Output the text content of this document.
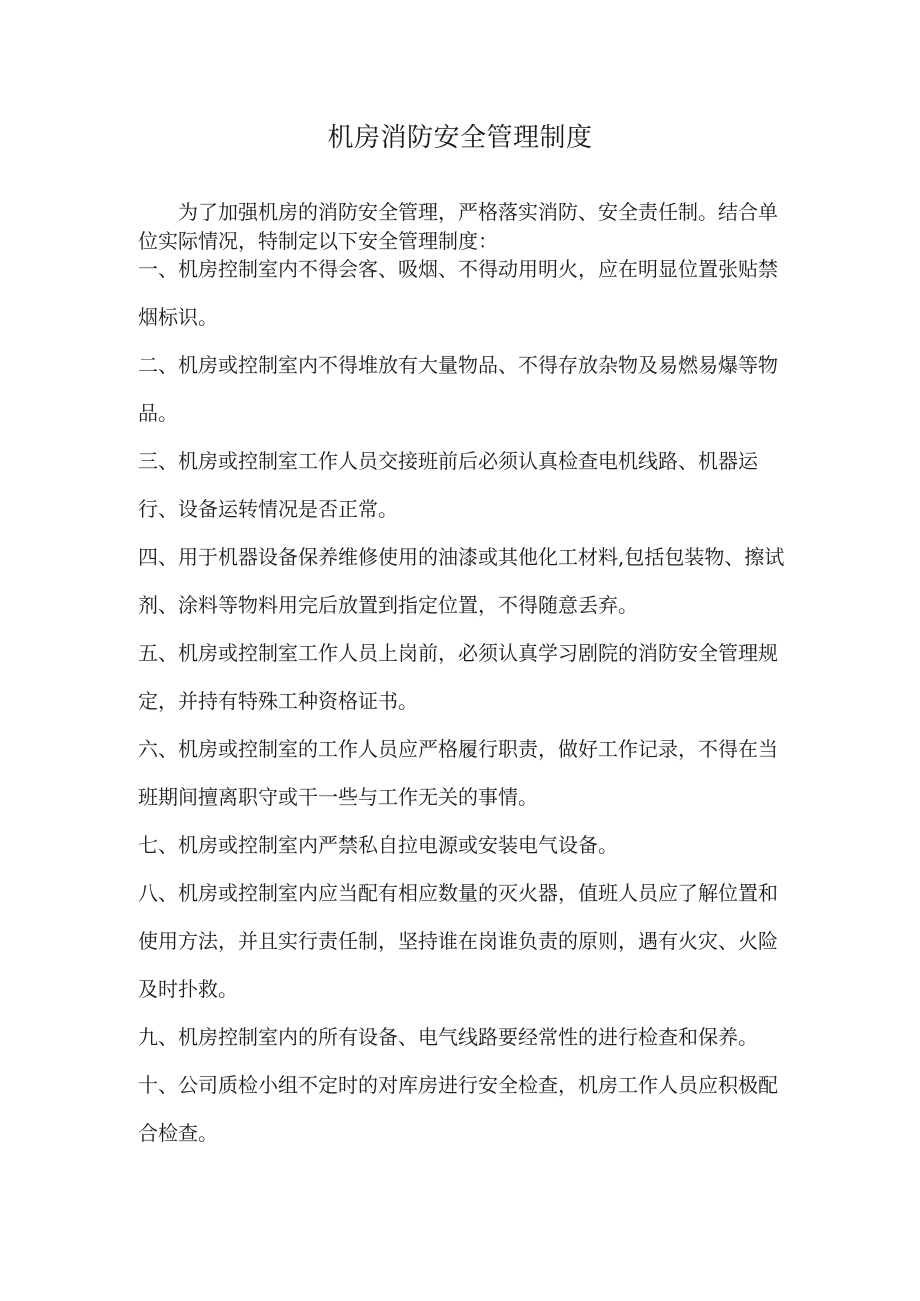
机房消防安全管理制度

为了加强机房的消防安全管理，严格落实消防、安全责任制。结合单位实际情况，特制定以下安全管理制度：

一、机房控制室内不得会客、吸烟、不得动用明火，应在明显位置张贴禁烟标识。
二、机房或控制室内不得堆放有大量物品、不得存放杂物及易燃易爆等物品。
三、机房或控制室工作人员交接班前后必须认真检查电机线路、机器运行、设备运转情况是否正常。
四、用于机器设备保养维修使用的油漆或其他化工材料,包括包装物、擦试剂、涂料等物料用完后放置到指定位置，不得随意丢弃。
五、机房或控制室工作人员上岗前，必须认真学习剧院的消防安全管理规定，并持有特殊工种资格证书。
六、机房或控制室的工作人员应严格履行职责，做好工作记录，不得在当班期间擅离职守或干一些与工作无关的事情。
七、机房或控制室内严禁私自拉电源或安装电气设备。
八、机房或控制室内应当配有相应数量的灭火器，值班人员应了解位置和使用方法，并且实行责任制，坚持谁在岗谁负责的原则，遇有火灾、火险及时扑救。
九、机房控制室内的所有设备、电气线路要经常性的进行检查和保养。十、公司质检小组不定时的对库房进行安全检查，机房工作人员应积极配合检查。
